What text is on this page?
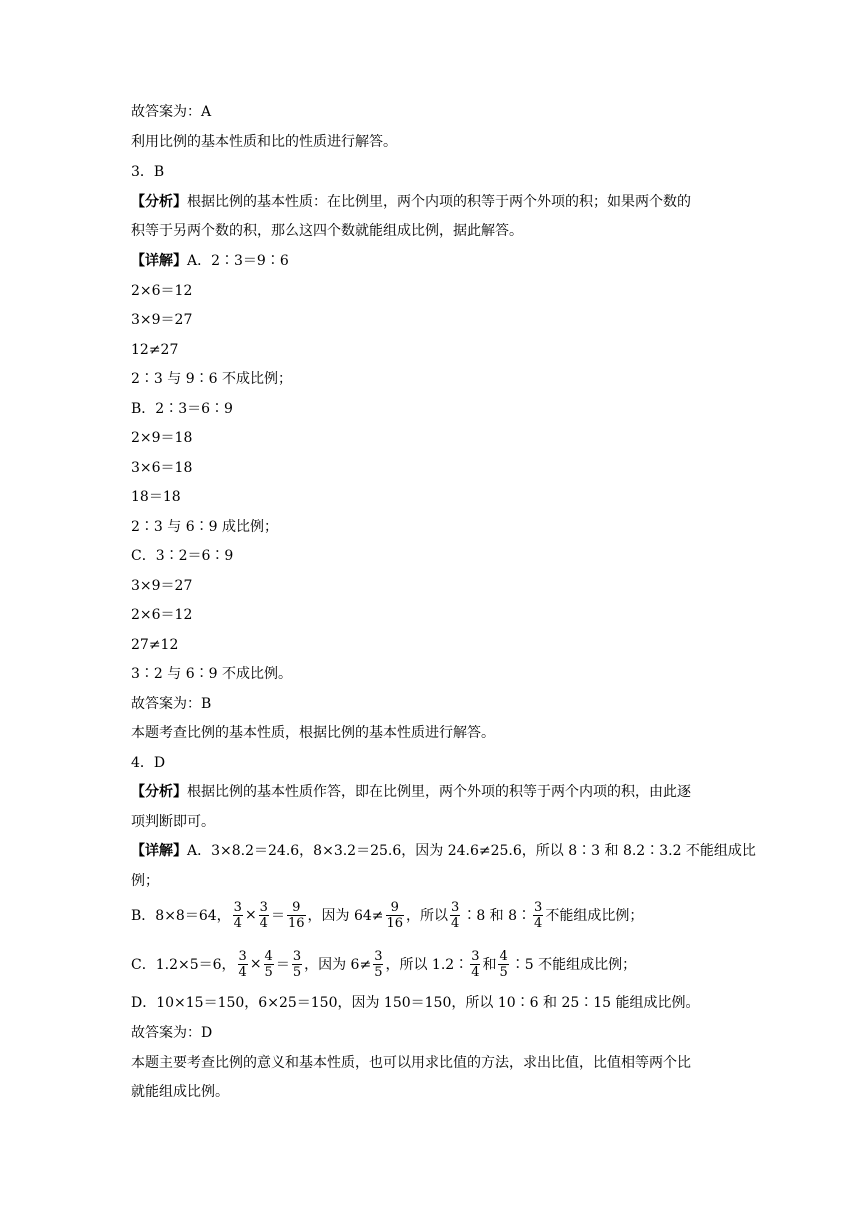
故答案为：A
利用比例的基本性质和比的性质进行解答。
3．B
【分析】根据比例的基本性质：在比例里，两个内项的积等于两个外项的积；如果两个数的
积等于另两个数的积，那么这四个数就能组成比例，据此解答。
【详解】A．2∶3＝9∶6
2×6＝12
3×9＝27
12≠27
2∶3 与 9∶6 不成比例；
B．2∶3＝6∶9
2×9＝18
3×6＝18
18＝18
2∶3 与 6∶9 成比例；
C．3∶2＝6∶9
3×9＝27
2×6＝12
27≠12
3∶2 与 6∶9 不成比例。
故答案为：B
本题考查比例的基本性质，根据比例的基本性质进行解答。
4．D
【分析】根据比例的基本性质作答，即在比例里，两个外项的积等于两个内项的积，由此逐
项判断即可。
【详解】A．3×8.2＝24.6，8×3.2＝25.6，因为 24.6≠25.6，所以 8∶3 和 8.2∶3.2 不能组成比
例；
B．8×8＝64， $\frac{3}{4} \times \frac{3}{4} = \frac{9}{16}$ ，因为 $64\ne \frac{9}{16}$ ，所以 $\frac{3}{4}$ ∶8 和 8∶ $\frac{3}{4}$ 不能组成比例；
C．1.2×5＝6， $\frac{3}{4} \times \frac{4}{5} = \frac{3}{5}$ ，因为 $6\ne \frac{3}{5}$ ，所以 1.2∶ $\frac{3}{4}$ 和 $\frac{4}{5}$ ∶5 不能组成比例；
D．10×15＝150，6×25＝150，因为 150＝150，所以 10∶6 和 25∶15 能组成比例。
故答案为：D
本题主要考查比例的意义和基本性质，也可以用求比值的方法，求出比值，比值相等两个比
就能组成比例。
